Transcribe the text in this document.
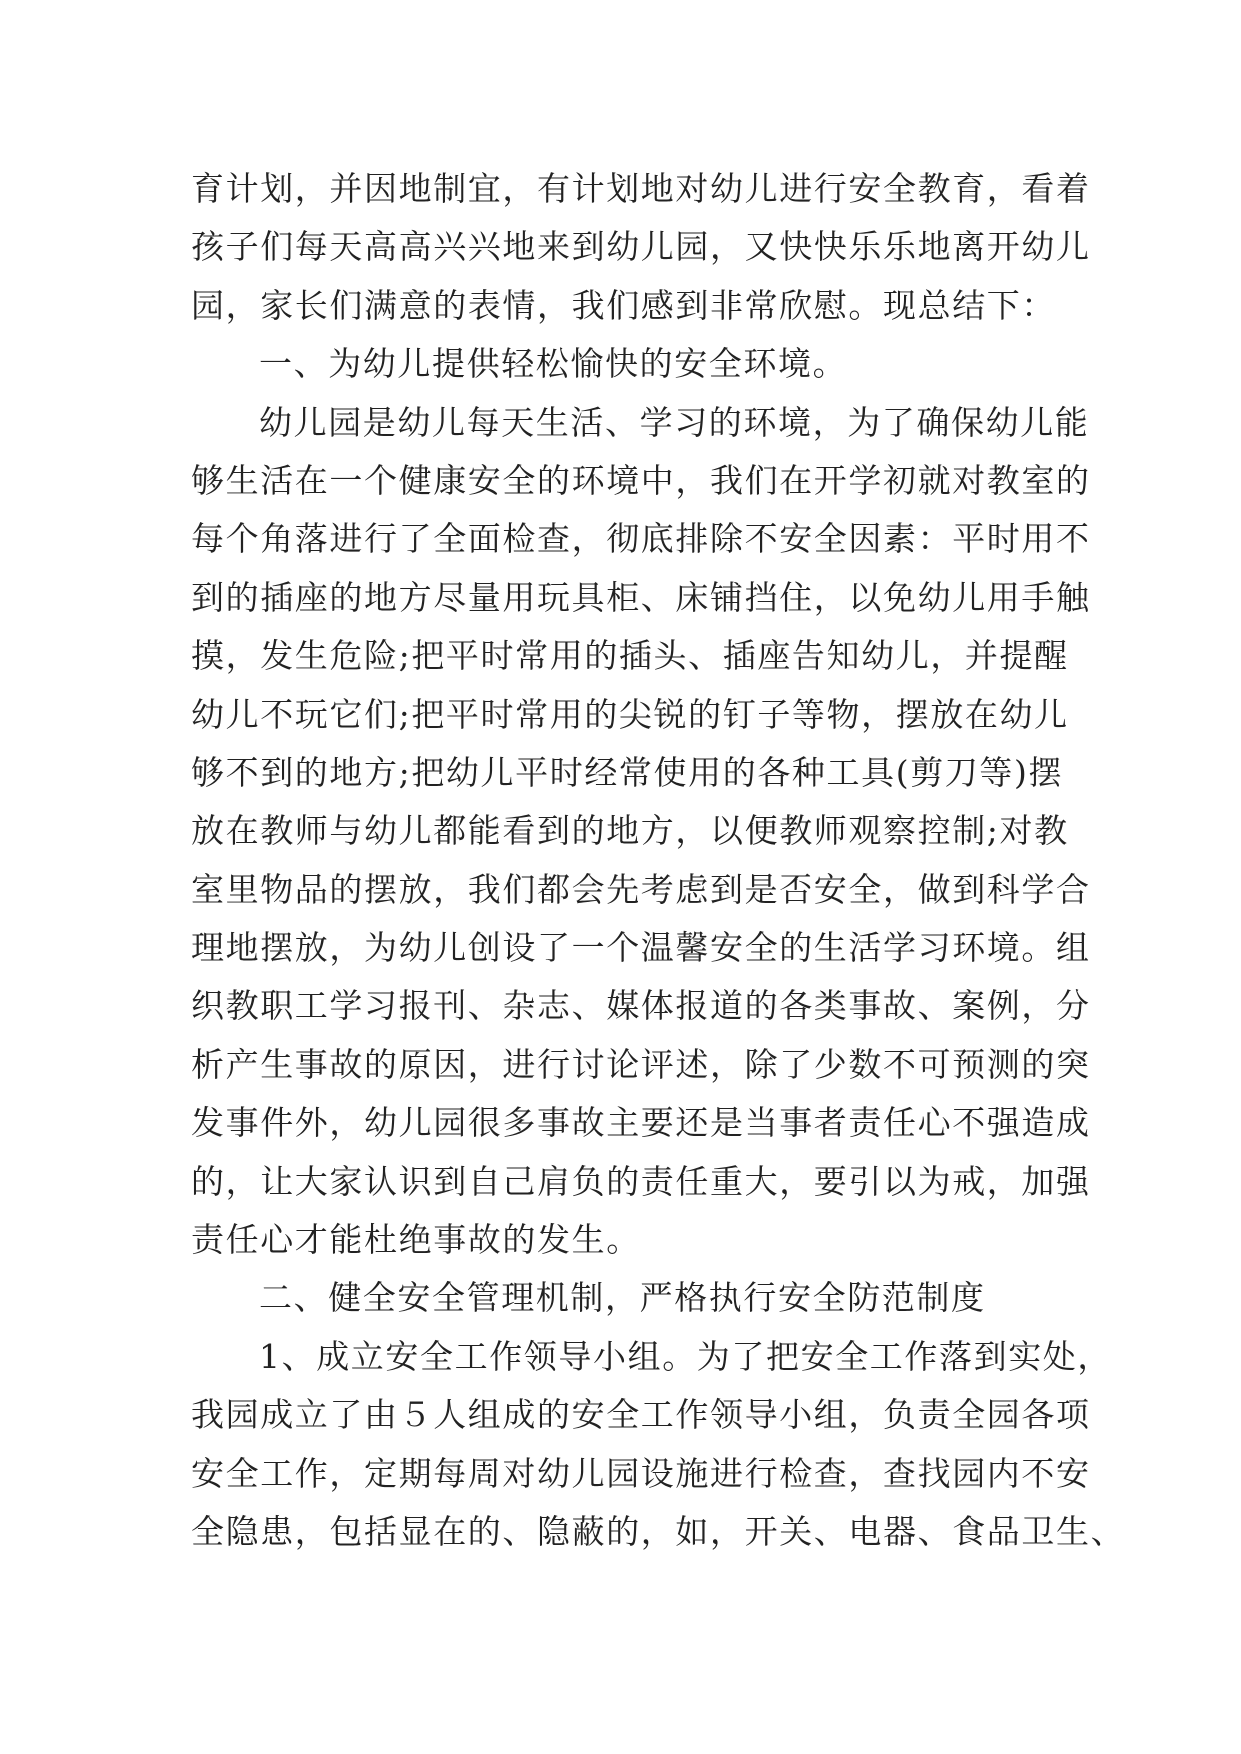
育计划，并因地制宜，有计划地对幼儿进行安全教育，看着
孩子们每天高高兴兴地来到幼儿园，又快快乐乐地离开幼儿
园，家长们满意的表情，我们感到非常欣慰。现总结下：
一、为幼儿提供轻松愉快的安全环境。
幼儿园是幼儿每天生活、学习的环境，为了确保幼儿能
够生活在一个健康安全的环境中，我们在开学初就对教室的
每个角落进行了全面检查，彻底排除不安全因素：平时用不
到的插座的地方尽量用玩具柜、床铺挡住，以免幼儿用手触
摸，发生危险;把平时常用的插头、插座告知幼儿，并提醒
幼儿不玩它们;把平时常用的尖锐的钉子等物，摆放在幼儿
够不到的地方;把幼儿平时经常使用的各种工具(剪刀等)摆
放在教师与幼儿都能看到的地方，以便教师观察控制;对教
室里物品的摆放，我们都会先考虑到是否安全，做到科学合
理地摆放，为幼儿创设了一个温馨安全的生活学习环境。组
织教职工学习报刊、杂志、媒体报道的各类事故、案例，分
析产生事故的原因，进行讨论评述，除了少数不可预测的突
发事件外，幼儿园很多事故主要还是当事者责任心不强造成
的，让大家认识到自己肩负的责任重大，要引以为戒，加强
责任心才能杜绝事故的发生。
二、健全安全管理机制，严格执行安全防范制度
1、成立安全工作领导小组。为了把安全工作落到实处，
我园成立了由５人组成的安全工作领导小组，负责全园各项
安全工作，定期每周对幼儿园设施进行检查，查找园内不安
全隐患，包括显在的、隐蔽的，如，开关、电器、食品卫生、
